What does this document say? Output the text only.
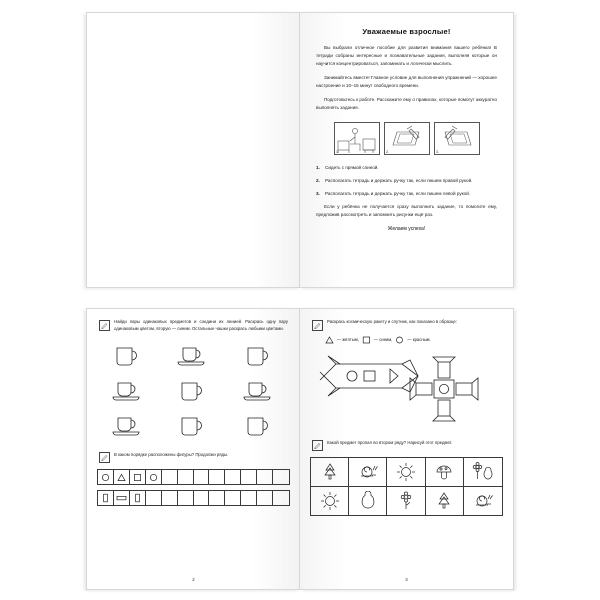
Уважаемые взрослые!

Вы выбрали отличное пособие для развития внимания вашего ребёнка! В тетради собраны интересные и познавательные задания, выполняя которые он научится концентрироваться, запоминать и логически мыслить.

Занимайтесь вместе! Главное условие для выполнения упражнений — хорошее настроение и 10–15 минут свободного времени.

Подготовьтесь к работе. Расскажите ему о правилах, которые помогут аккуратно выполнять задания.

1.	2.	3.
1.	Сидеть с прямой спиной.
2.	Располагать тетрадь и держать ручку так, если пишем правой рукой.
3.	Располагать тетрадь и держать ручку так, если пишем левой рукой.

Если у ребёнка не получается сразу выполнить задание, то помогите ему, предложив рассмотреть и запомнить рисунки ещё раз.

Желаем успеха!
Найди пары одинаковых предметов и соедини их линией. Раскрась одну пару одинаковым цветом, вторую — синим. Остальные чашки раскрась любыми цветами.
В каком порядке расположены фигуры? Продолжи ряды.
2
Раскрась космическую ракету и спутник, как показано в образце:
— жёлтым,	— синим,	— красным.
Какой предмет пропал во втором ряду? Нарисуй этот предмет.
3
